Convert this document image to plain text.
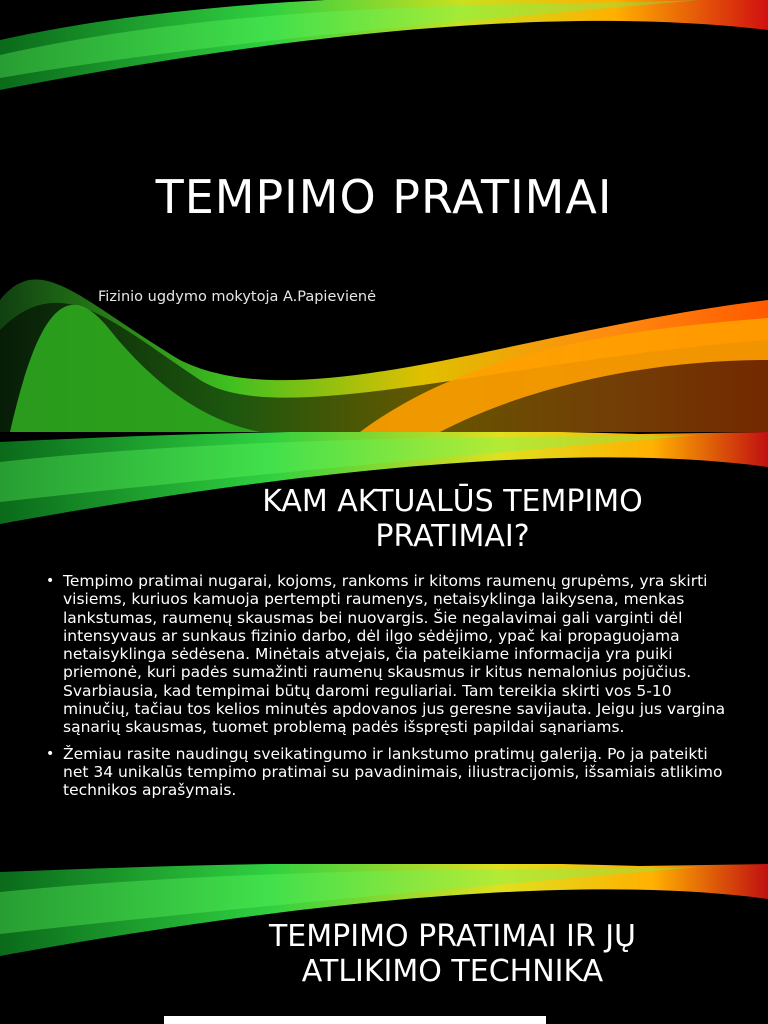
TEMPIMO PRATIMAI

Fizinio ugdymo mokytoja A.Papievienė

KAM AKTUALŪS TEMPIMO
PRATIMAI?
• Tempimo pratimai nugarai, kojoms, rankoms ir kitoms raumenų grupėms, yra skirti visiems, kuriuos kamuoja pertempti raumenys, netaisyklinga laikysena, menkas lankstumas, raumenų skausmas bei nuovargis. Šie negalavimai gali varginti dėl intensyvaus ar sunkaus fizinio darbo, dėl ilgo sėdėjimo, ypač kai propaguojama netaisyklinga sėdėsena. Minėtais atvejais, čia pateikiame informacija yra puiki priemonė, kuri padės sumažinti raumenų skausmus ir kitus nemalonius pojūčius. Svarbiausia, kad tempimai būtų daromi reguliariai. Tam tereikia skirti vos 5-10 minučių, tačiau tos kelios minutės apdovanos jus geresne savijauta. Jeigu jus vargina sąnarių skausmas, tuomet problemą padės išspręsti papildai sąnariams.
• Žemiau rasite naudingų sveikatingumo ir lankstumo pratimų galeriją. Po ja pateikti net 34 unikalūs tempimo pratimai su pavadinimais, iliustracijomis, išsamiais atlikimo technikos aprašymais.
TEMPIMO PRATIMAI IR JŲ
ATLIKIMO TECHNIKA
